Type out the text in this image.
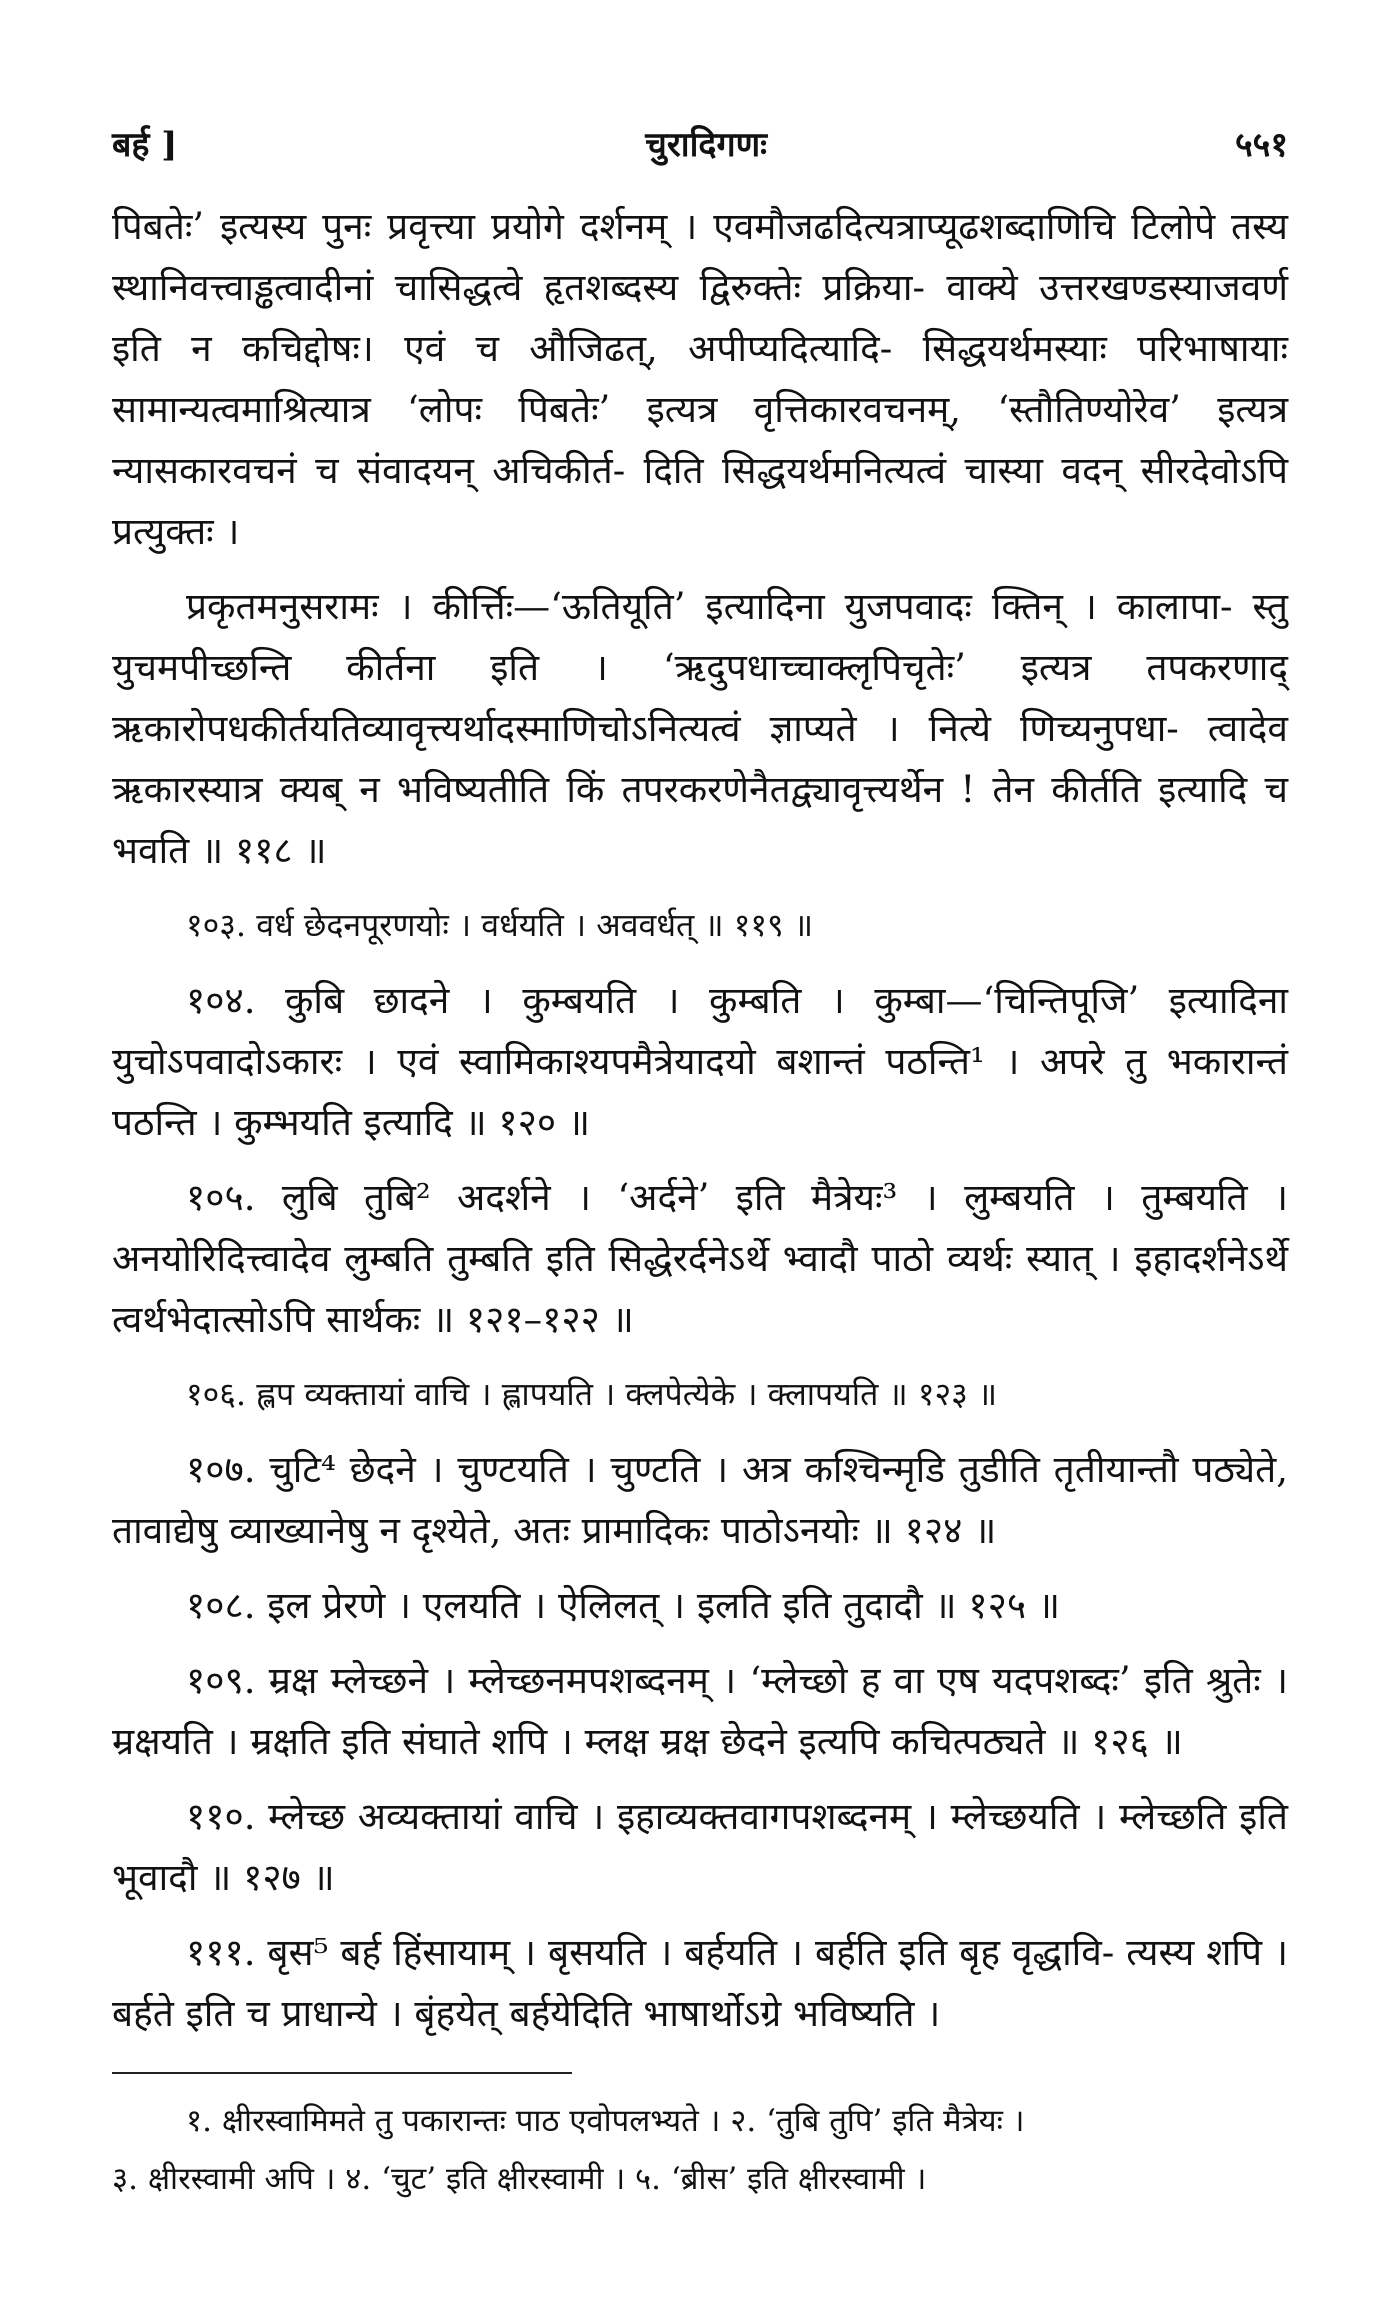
बर्ह ]	चुरादिगणः	५५१

पिबतेः’ इत्यस्य पुनः प्रवृत्त्या प्रयोगे दर्शनम् । एवमौजढदित्यत्राप्यूढशब्दाणिचि टिलोपे तस्य स्थानिवत्त्वाड्ढत्वादीनां चासिद्धत्वे हृतशब्दस्य द्विरुक्तेः प्रक्रिया- वाक्ये उत्तरखण्डस्याजवर्ण इति न कचिद्दोषः। एवं च औजिढत्, अपीप्यदित्यादि- सिद्धयर्थमस्याः परिभाषायाः सामान्यत्वमाश्रित्यात्र ‘लोपः पिबतेः’ इत्यत्र वृत्तिकारवचनम्, ‘स्तौतिण्योरेव’ इत्यत्र न्यासकारवचनं च संवादयन् अचिकीर्त- दिति सिद्धयर्थमनित्यत्वं चास्या वदन् सीरदेवोऽपि प्रत्युक्तः ।

प्रकृतमनुसरामः । कीर्त्तिः—‘ऊतियूति’ इत्यादिना युजपवादः क्तिन् । कालापा- स्तु युचमपीच्छन्ति कीर्तना इति । ‘ऋदुपधाच्चाक्लृपिचृतेः’ इत्यत्र तपकरणाद् ऋकारोपधकीर्तयतिव्यावृत्त्यर्थादस्माणिचोऽनित्यत्वं ज्ञाप्यते । नित्ये णिच्यनुपधा- त्वादेव ऋकारस्यात्र क्यब् न भविष्यतीति किं तपरकरणेनैतद्व्यावृत्त्यर्थेन ! तेन कीर्तति इत्यादि च भवति ॥ ११८ ॥

१०३. वर्ध छेदनपूरणयोः । वर्धयति । अववर्धत् ॥ ११९ ॥

१०४. कुबि छादने । कुम्बयति । कुम्बति । कुम्बा—‘चिन्तिपूजि’ इत्यादिना युचोऽपवादोऽकारः । एवं स्वामिकाश्यपमैत्रेयादयो बशान्तं पठन्ति¹ । अपरे तु भकारान्तं पठन्ति । कुम्भयति इत्यादि ॥ १२० ॥

१०५. लुबि तुबि² अदर्शने । ‘अर्दने’ इति मैत्रेयः³ । लुम्बयति । तुम्बयति । अनयोरिदित्त्वादेव लुम्बति तुम्बति इति सिद्धेरर्दनेऽर्थे भ्वादौ पाठो व्यर्थः स्यात् । इहादर्शनेऽर्थे त्वर्थभेदात्सोऽपि सार्थकः ॥ १२१–१२२ ॥

१०६. ह्लप व्यक्तायां वाचि । ह्लापयति । क्लपेत्येके । क्लापयति ॥ १२३ ॥

१०७. चुटि⁴ छेदने । चुण्टयति । चुण्टति । अत्र कश्चिन्मृडि तुडीति तृतीयान्तौ पठ्येते, तावाद्येषु व्याख्यानेषु न दृश्येते, अतः प्रामादिकः पाठोऽनयोः ॥ १२४ ॥

१०८. इल प्रेरणे । एलयति । ऐलिलत् । इलति इति तुदादौ ॥ १२५ ॥

१०९. म्रक्ष म्लेच्छने । म्लेच्छनमपशब्दनम् । ‘म्लेच्छो ह वा एष यदपशब्दः’ इति श्रुतेः । म्रक्षयति । म्रक्षति इति संघाते शपि । म्लक्ष म्रक्ष छेदने इत्यपि कचित्पठ्यते ॥ १२६ ॥

११०. म्लेच्छ अव्यक्तायां वाचि । इहाव्यक्तवागपशब्दनम् । म्लेच्छयति । म्लेच्छति इति भूवादौ ॥ १२७ ॥

१११. बृस⁵ बर्ह हिंसायाम् । बृसयति । बर्हयति । बर्हति इति बृह वृद्धावि- त्यस्य शपि । बर्हते इति च प्राधान्ये । बृंहयेत् बर्हयेदिति भाषार्थोऽग्रे भविष्यति ।

१. क्षीरस्वामिमते तु पकारान्तः पाठ एवोपलभ्यते । २. ‘तुबि तुपि’ इति मैत्रेयः ।

३. क्षीरस्वामी अपि । ४. ‘चुट’ इति क्षीरस्वामी । ५. ‘ब्रीस’ इति क्षीरस्वामी ।
